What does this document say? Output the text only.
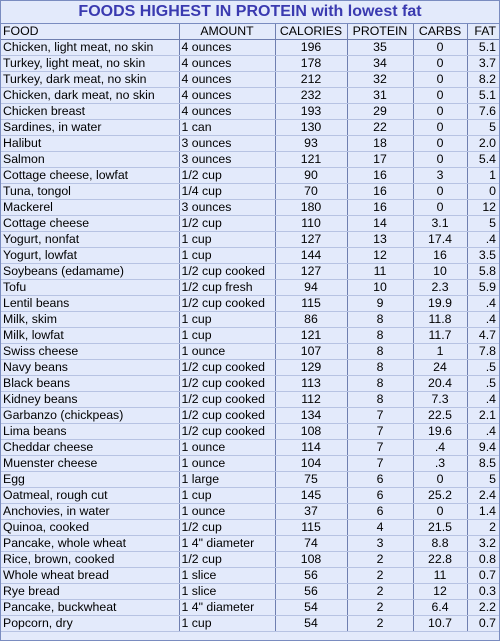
FOODS HIGHEST IN PROTEIN with lowest fat
FOOD	AMOUNT	CALORIES	PROTEIN	CARBS	FAT
Chicken, light meat, no skin	4 ounces	196	35	0	5.1
Turkey, light meat, no skin	4 ounces	178	34	0	3.7
Turkey, dark meat, no skin	4 ounces	212	32	0	8.2
Chicken, dark meat, no skin	4 ounces	232	31	0	5.1
Chicken breast	4 ounces	193	29	0	7.6
Sardines, in water	1 can	130	22	0	5
Halibut	3 ounces	93	18	0	2.0
Salmon	3 ounces	121	17	0	5.4
Cottage cheese, lowfat	1/2 cup	90	16	3	1
Tuna, tongol	1/4 cup	70	16	0	0
Mackerel	3 ounces	180	16	0	12
Cottage cheese	1/2 cup	110	14	3.1	5
Yogurt, nonfat	1 cup	127	13	17.4	.4
Yogurt, lowfat	1 cup	144	12	16	3.5
Soybeans (edamame)	1/2 cup cooked	127	11	10	5.8
Tofu	1/2 cup fresh	94	10	2.3	5.9
Lentil beans	1/2 cup cooked	115	9	19.9	.4
Milk, skim	1 cup	86	8	11.8	.4
Milk, lowfat	1 cup	121	8	11.7	4.7
Swiss cheese	1 ounce	107	8	1	7.8
Navy beans	1/2 cup cooked	129	8	24	.5
Black beans	1/2 cup cooked	113	8	20.4	.5
Kidney beans	1/2 cup cooked	112	8	7.3	.4
Garbanzo (chickpeas)	1/2 cup cooked	134	7	22.5	2.1
Lima beans	1/2 cup cooked	108	7	19.6	.4
Cheddar cheese	1 ounce	114	7	.4	9.4
Muenster cheese	1 ounce	104	7	.3	8.5
Egg	1 large	75	6	0	5
Oatmeal, rough cut	1 cup	145	6	25.2	2.4
Anchovies, in water	1 ounce	37	6	0	1.4
Quinoa, cooked	1/2 cup	115	4	21.5	2
Pancake, whole wheat	1 4" diameter	74	3	8.8	3.2
Rice, brown, cooked	1/2 cup	108	2	22.8	0.8
Whole wheat bread	1 slice	56	2	11	0.7
Rye bread	1 slice	56	2	12	0.3
Pancake, buckwheat	1 4" diameter	54	2	6.4	2.2
Popcorn, dry	1 cup	54	2	10.7	0.7
